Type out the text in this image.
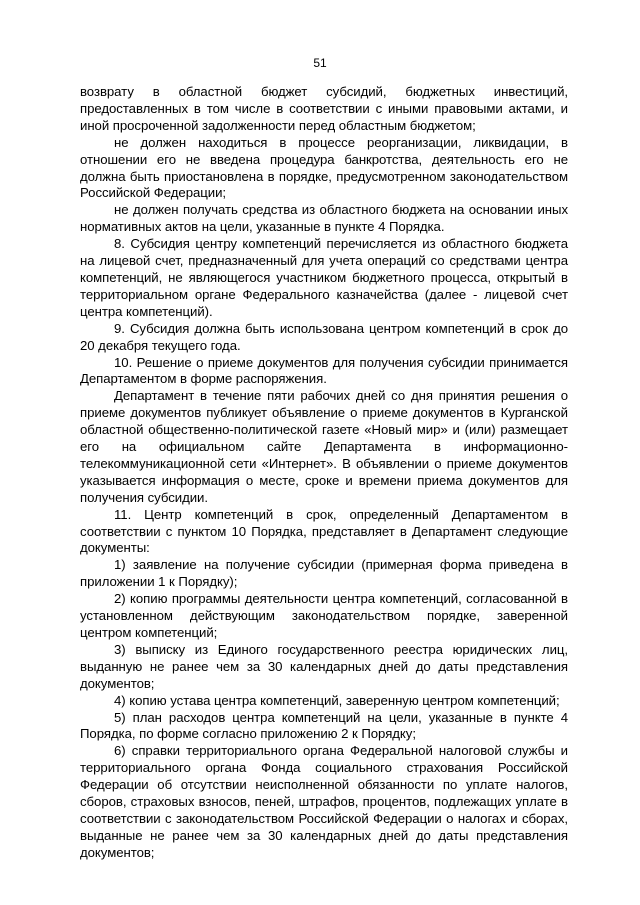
51

возврату в областной бюджет субсидий, бюджетных инвестиций, предоставленных в том числе в соответствии с иными правовыми актами, и иной просроченной задолженности перед областным бюджетом;

не должен находиться в процессе реорганизации, ликвидации, в отношении его не введена процедура банкротства, деятельность его не должна быть приостановлена в порядке, предусмотренном законодательством Российской Федерации;

не должен получать средства из областного бюджета на основании иных нормативных актов на цели, указанные в пункте 4 Порядка.

8. Субсидия центру компетенций перечисляется из областного бюджета на лицевой счет, предназначенный для учета операций со средствами центра компетенций, не являющегося участником бюджетного процесса, открытый в территориальном органе Федерального казначейства (далее - лицевой счет центра компетенций).

9. Субсидия должна быть использована центром компетенций в срок до 20 декабря текущего года.

10. Решение о приеме документов для получения субсидии принимается Департаментом в форме распоряжения.

Департамент в течение пяти рабочих дней со дня принятия решения о приеме документов публикует объявление о приеме документов в Курганской областной общественно-политической газете «Новый мир» и (или) размещает его на официальном сайте Департамента в информационно-телекоммуникационной сети «Интернет». В объявлении о приеме документов указывается информация о месте, сроке и времени приема документов для получения субсидии.

11. Центр компетенций в срок, определенный Департаментом в соответствии с пунктом 10 Порядка, представляет в Департамент следующие документы:

1) заявление на получение субсидии (примерная форма приведена в приложении 1 к Порядку);

2) копию программы деятельности центра компетенций, согласованной в установленном действующим законодательством порядке, заверенной центром компетенций;

3) выписку из Единого государственного реестра юридических лиц, выданную не ранее чем за 30 календарных дней до даты представления документов;

4) копию устава центра компетенций, заверенную центром компетенций;

5) план расходов центра компетенций на цели, указанные в пункте 4 Порядка, по форме согласно приложению 2 к Порядку;

6) справки территориального органа Федеральной налоговой службы и территориального органа Фонда социального страхования Российской Федерации об отсутствии неисполненной обязанности по уплате налогов, сборов, страховых взносов, пеней, штрафов, процентов, подлежащих уплате в соответствии с законодательством Российской Федерации о налогах и сборах, выданные не ранее чем за 30 календарных дней до даты представления документов;
